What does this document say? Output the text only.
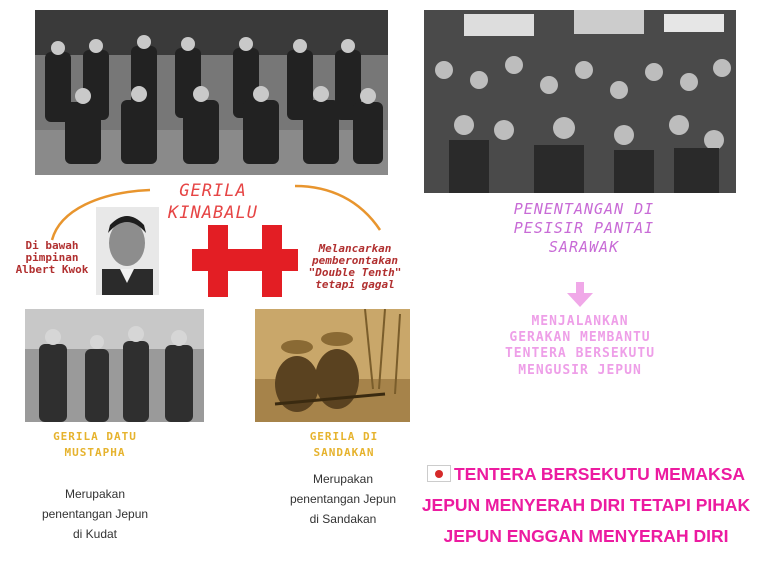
GERILA KINABALU
Di bawah pimpinan Albert Kwok
Melancarkan pemberontakan "Double Tenth" tetapi gagal
GERILA DATU MUSTAPHA
Merupakan penentangan Jepun di Kudat
GERILA DI SANDAKAN
Merupakan penentangan Jepun di Sandakan
PENENTANGAN DI PESISIR PANTAI SARAWAK
MENJALANKAN GERAKAN MEMBANTU TENTERA BERSEKUTU MENGUSIR JEPUN
TENTERA BERSEKUTU MEMAKSA JEPUN MENYERAH DIRI TETAPI PIHAK JEPUN ENGGAN MENYERAH DIRI
